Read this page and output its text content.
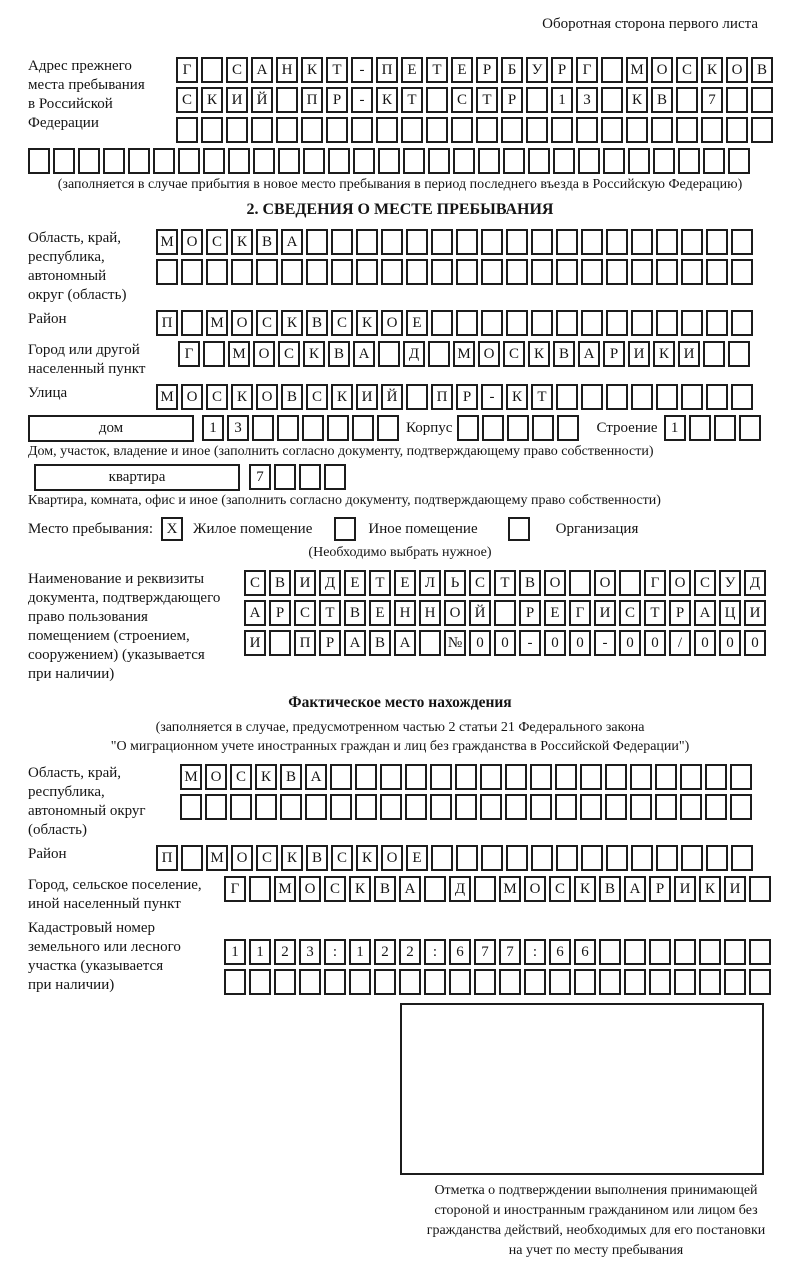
Оборотная сторона первого листа
Адрес прежнего
места пребывания
в Российской
Федерации
Г	С А Н К	Т	-	П Е	Т	Е	Р	Б	У	Р	Г	М О С К О В
С К И Й	П	Р	-	К	Т	С	Т	Р	1	3	К В	7
(заполняется в случае прибытия в новое место пребывания в период последнего въезда в Российскую Федерацию)
2. СВЕДЕНИЯ О МЕСТЕ ПРЕБЫВАНИЯ
Область, край,
республика,
автономный
округ (область)
М О С К В А
Район	П	М О С К В С К О Е
Город или другой
населенный пункт
Г	М О С К В А	Д	М О С К В А	Р	И К И
Улица	М О С К О В С К И Й	П	Р	-	К	Т
дом	1	3	Корпус	Строение 1
Дом, участок, владение и иное (заполнить согласно документу, подтверждающему право собственности)
квартира	7
Квартира, комната, офис и иное (заполнить согласно документу, подтверждающему право собственности)
Место пребывания: X	Жилое помещение	Иное помещение	Организация
(Необходимо выбрать нужное)
Наименование и реквизиты
документа, подтверждающего
право пользования
помещением (строением,
сооружением) (указывается
при наличии)
С В И Д	Е	Т	Е	Л	Ь	С	Т	В О	О	Г	О С У Д
А	Р	С	Т	В	Е	Н Н О Й	Р	Е	Г	И С	Т	Р	А Ц И
И	П	Р	А В А	№ 0	0	-	0	0	-	0	0	/	0	0	0
Фактическое место нахождения
(заполняется в случае, предусмотренном частью 2 статьи 21 Федерального закона
"О миграционном учете иностранных граждан и лиц без гражданства в Российской Федерации")
Область, край,
республика,
автономный округ
(область)
М О С К В А
Район	П	М О С К В С К О Е
Город, сельское поселение,
иной населенный пункт
Г	М О С К В А	Д	М О С К В А	Р	И К И
Кадастровый номер
земельного или лесного
участка (указывается
при наличии)
1	1	2	3	:	1	2	2	:	6	7	7	:	6	6
Отметка о подтверждении выполнения принимающей
стороной и иностранным гражданином или лицом без
гражданства действий, необходимых для его постановки
на учет по месту пребывания
